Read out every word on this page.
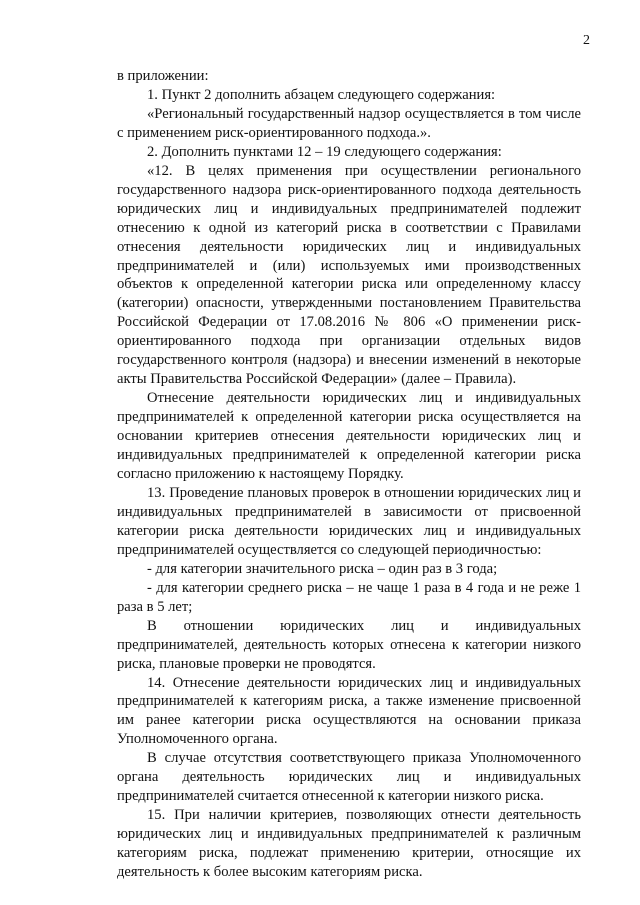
2

в приложении:

1. Пункт 2 дополнить абзацем следующего содержания:

«Региональный государственный надзор осуществляется в том числе с применением риск-ориентированного подхода.».

2. Дополнить пунктами 12 – 19 следующего содержания:

«12. В целях применения при осуществлении регионального государственного надзора риск-ориентированного подхода деятельность юридических лиц и индивидуальных предпринимателей подлежит отнесению к одной из категорий риска в соответствии с Правилами отнесения деятельности юридических лиц и индивидуальных предпринимателей и (или) используемых ими производственных объектов к определенной категории риска или определенному классу (категории) опасности, утвержденными постановлением Правительства Российской Федерации от 17.08.2016 № 806 «О применении риск-ориентированного подхода при организации отдельных видов государственного контроля (надзора) и внесении изменений в некоторые акты Правительства Российской Федерации» (далее – Правила).

Отнесение деятельности юридических лиц и индивидуальных предпринимателей к определенной категории риска осуществляется на основании критериев отнесения деятельности юридических лиц и индивидуальных предпринимателей к определенной категории риска согласно приложению к настоящему Порядку.

13. Проведение плановых проверок в отношении юридических лиц и индивидуальных предпринимателей в зависимости от присвоенной категории риска деятельности юридических лиц и индивидуальных предпринимателей осуществляется со следующей периодичностью:

- для категории значительного риска – один раз в 3 года;

- для категории среднего риска – не чаще 1 раза в 4 года и не реже 1 раза в 5 лет;

В отношении юридических лиц и индивидуальных предпринимателей, деятельность которых отнесена к категории низкого риска, плановые проверки не проводятся.

14. Отнесение деятельности юридических лиц и индивидуальных предпринимателей к категориям риска, а также изменение присвоенной им ранее категории риска осуществляются на основании приказа Уполномоченного органа.

В случае отсутствия соответствующего приказа Уполномоченного органа деятельность юридических лиц и индивидуальных предпринимателей считается отнесенной к категории низкого риска.

15. При наличии критериев, позволяющих отнести деятельность юридических лиц и индивидуальных предпринимателей к различным категориям риска, подлежат применению критерии, относящие их деятельность к более высоким категориям риска.
